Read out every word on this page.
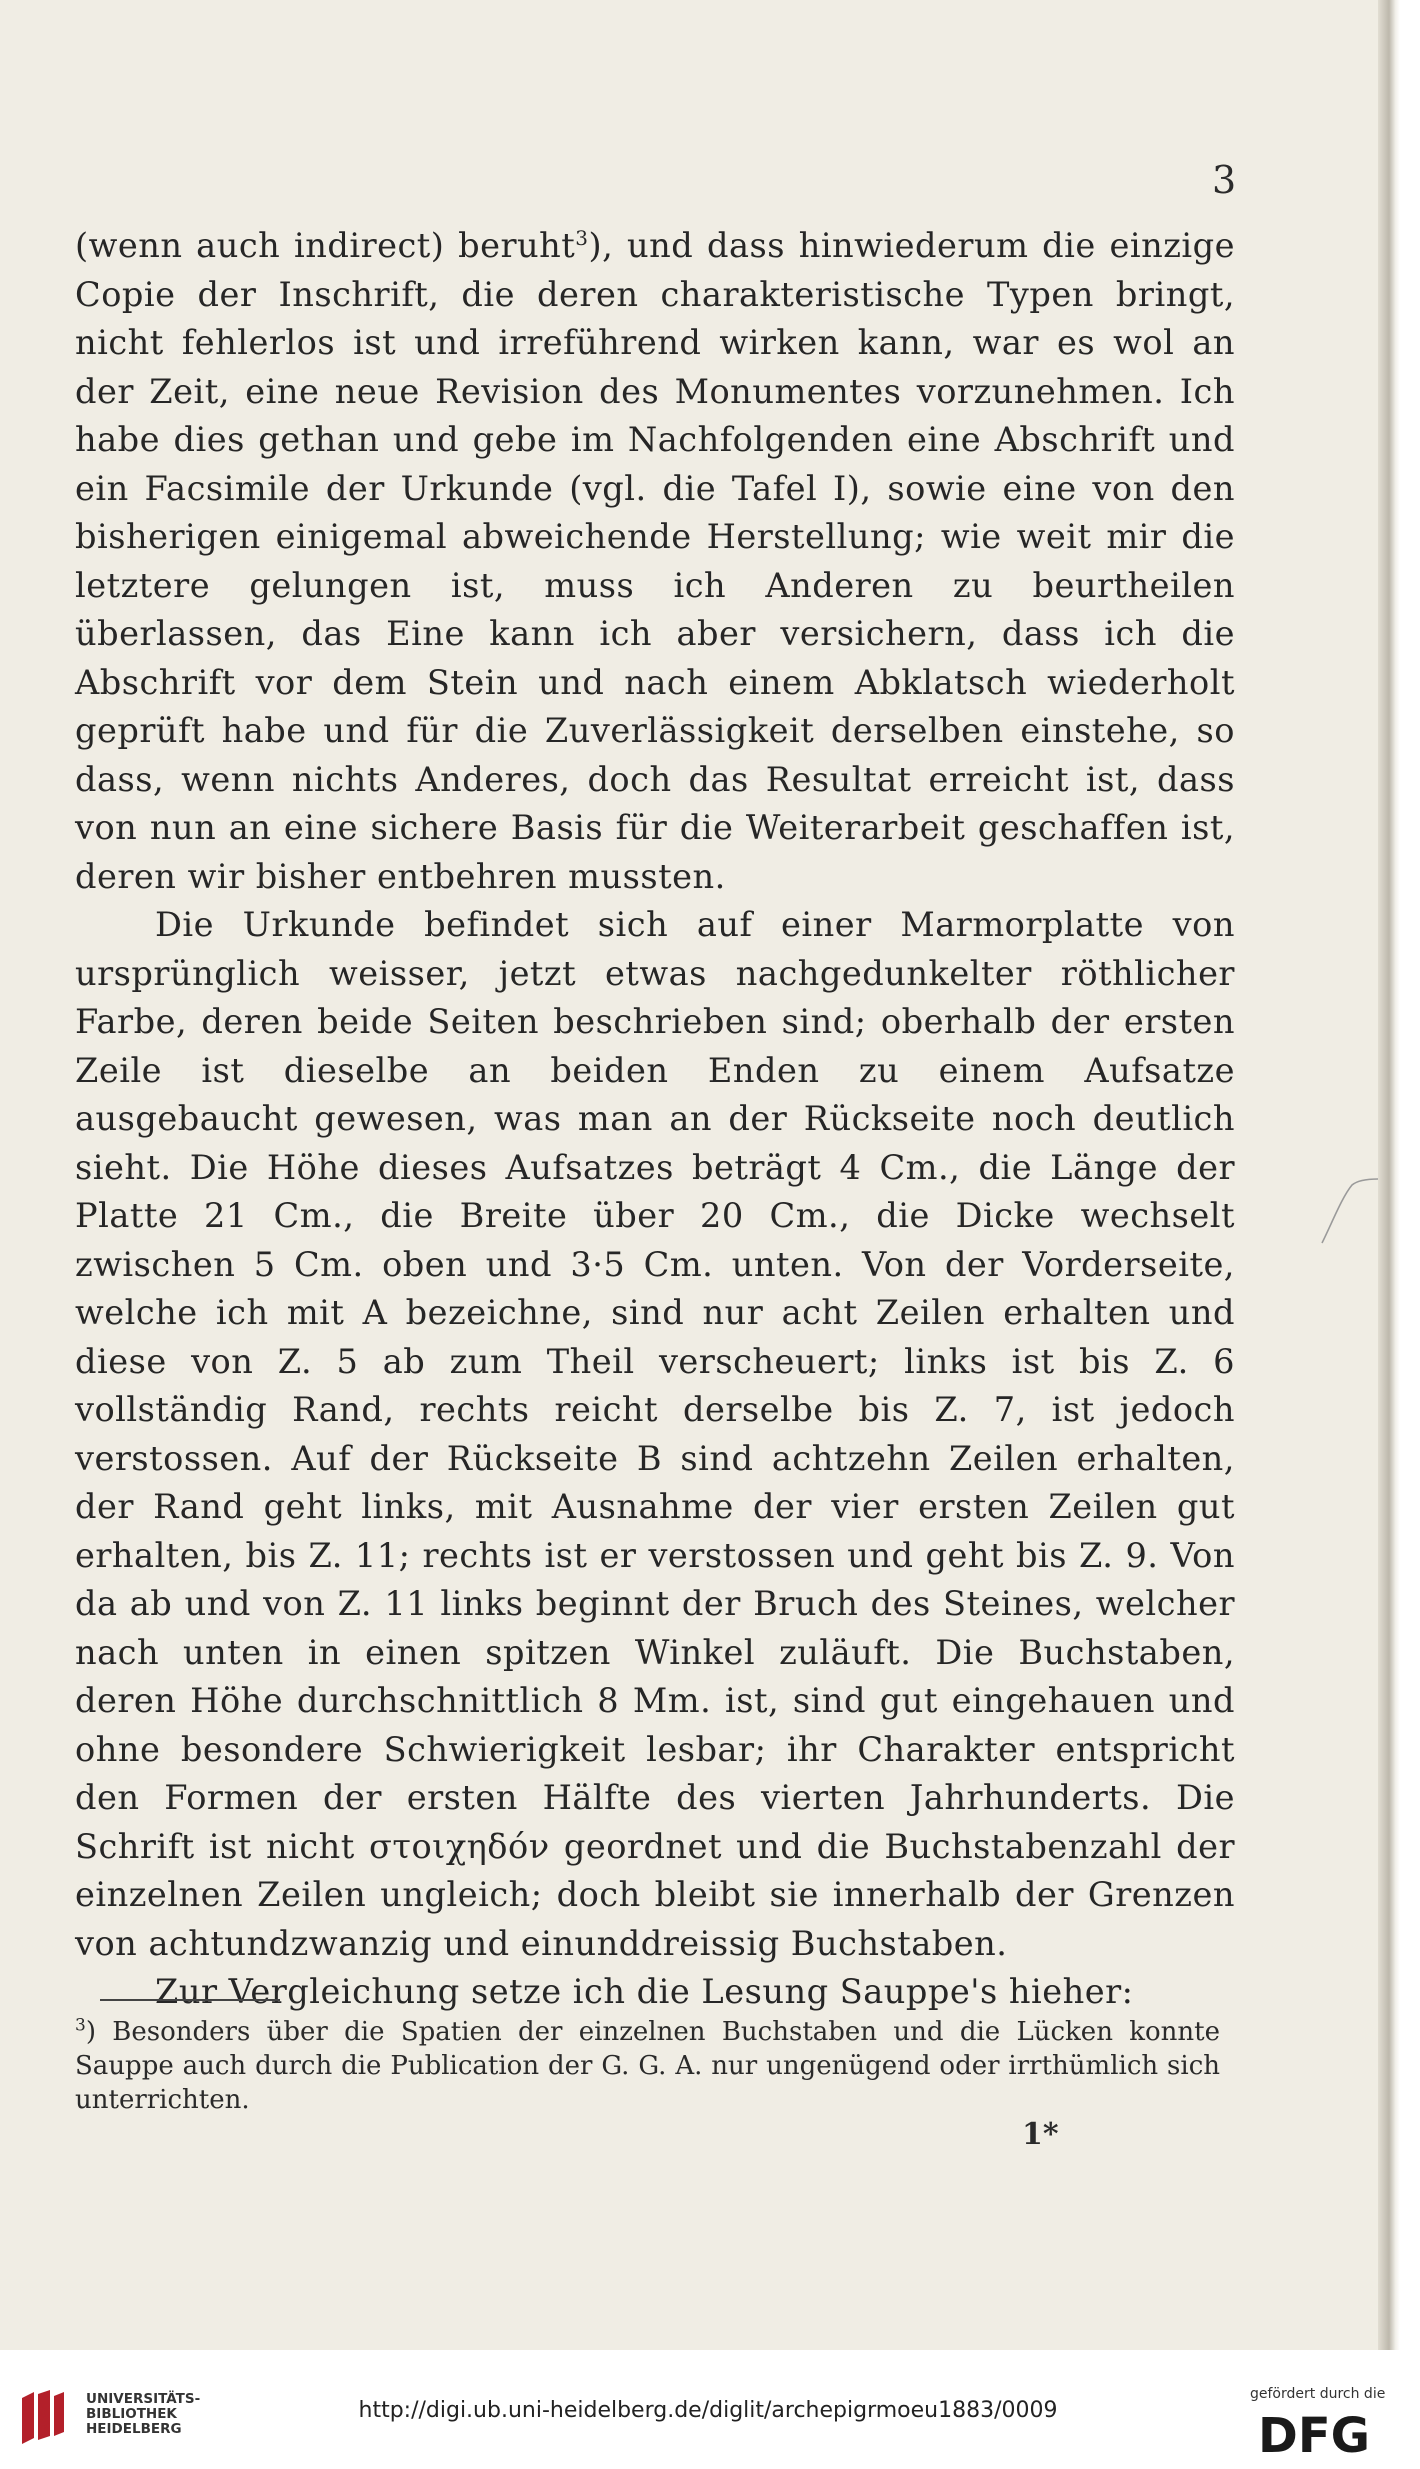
3

(wenn auch indirect) beruht$^3$), und dass hinwiederum die einzige Copie der Inschrift, die deren charakteristische Typen bringt, nicht fehlerlos ist und irreführend wirken kann, war es wol an der Zeit, eine neue Revision des Monumentes vorzunehmen. Ich habe dies gethan und gebe im Nachfolgenden eine Abschrift und ein Facsimile der Urkunde (vgl. die Tafel I), sowie eine von den bisherigen einigemal abweichende Herstellung; wie weit mir die letztere gelungen ist, muss ich Anderen zu beurtheilen überlassen, das Eine kann ich aber versichern, dass ich die Abschrift vor dem Stein und nach einem Abklatsch wiederholt geprüft habe und für die Zuverlässigkeit derselben einstehe, so dass, wenn nichts Anderes, doch das Resultat erreicht ist, dass von nun an eine sichere Basis für die Weiterarbeit geschaffen ist, deren wir bisher entbehren mussten.

Die Urkunde befindet sich auf einer Marmorplatte von ursprünglich weisser, jetzt etwas nachgedunkelter röthlicher Farbe, deren beide Seiten beschrieben sind; oberhalb der ersten Zeile ist dieselbe an beiden Enden zu einem Aufsatze ausgebaucht gewesen, was man an der Rückseite noch deutlich sieht. Die Höhe dieses Aufsatzes beträgt 4 Cm., die Länge der Platte 21 Cm., die Breite über 20 Cm., die Dicke wechselt zwischen 5 Cm. oben und 3·5 Cm. unten. Von der Vorderseite, welche ich mit A bezeichne, sind nur acht Zeilen erhalten und diese von Z. 5 ab zum Theil verscheuert; links ist bis Z. 6 vollständig Rand, rechts reicht derselbe bis Z. 7, ist jedoch verstossen. Auf der Rückseite B sind achtzehn Zeilen erhalten, der Rand geht links, mit Ausnahme der vier ersten Zeilen gut erhalten, bis Z. 11; rechts ist er verstossen und geht bis Z. 9. Von da ab und von Z. 11 links beginnt der Bruch des Steines, welcher nach unten in einen spitzen Winkel zuläuft. Die Buchstaben, deren Höhe durchschnittlich 8 Mm. ist, sind gut eingehauen und ohne besondere Schwierigkeit lesbar; ihr Charakter entspricht den Formen der ersten Hälfte des vierten Jahrhunderts. Die Schrift ist nicht στοιχηδόν geordnet und die Buchstabenzahl der einzelnen Zeilen ungleich; doch bleibt sie innerhalb der Grenzen von achtundzwanzig und einunddreissig Buchstaben.

Zur Vergleichung setze ich die Lesung Sauppe's hieher:

$^3$) Besonders über die Spatien der einzelnen Buchstaben und die Lücken konnte Sauppe auch durch die Publication der G. G. A. nur ungenügend oder irrthümlich sich unterrichten.
1*
UNIVERSITÄTS-
BIBLIOTHEK
HEIDELBERG
http://digi.ub.uni-heidelberg.de/diglit/archepigrmoeu1883/0009
gefördert durch die
DFG
